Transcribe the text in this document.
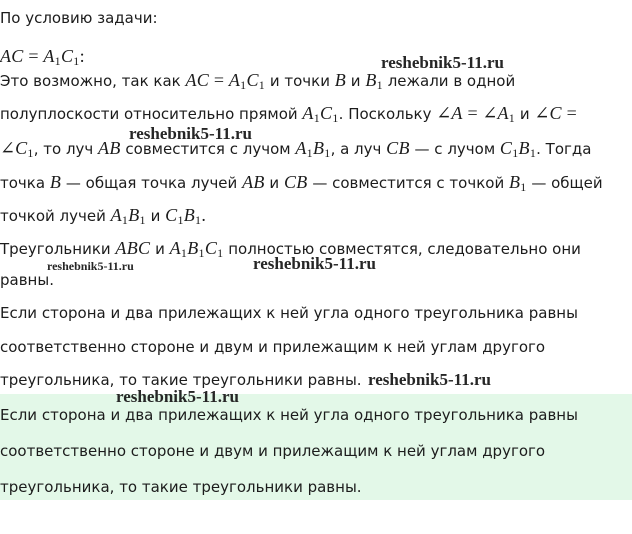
По условию задачи:
AC = $A_1C_1$:
Это возможно, так как AC = $A_1C_1$ и точки B и $B_1$ лежали в одной
полуплоскости относительно прямой $A_1C_1$. Поскольку ∠A = $\angle A_1$ и ∠C =
$\angle C_1$, то луч AB совместится с лучом $A_1B_1$, а луч CB — с лучом $C_1B_1$. Тогда
точка B — общая точка лучей AB и CB — совместится с точкой $B_1$ — общей
точкой лучей $A_1B_1$ и $C_1B_1$.
Треугольники ABC и $A_1B_1C_1$ полностью совместятся, следовательно они
равны.
Если сторона и два прилежащих к ней угла одного треугольника равны
соответственно стороне и двум и прилежащим к ней углам другого
треугольника, то такие треугольники равны.
Если сторона и два прилежащих к ней угла одного треугольника равны
соответственно стороне и двум и прилежащим к ней углам другого
треугольника, то такие треугольники равны.
reshebnik5-11.ru
reshebnik5-11.ru
reshebnik5-11.ru	reshebnik5-11.ru
reshebnik5-11.ru
reshebnik5-11.ru
